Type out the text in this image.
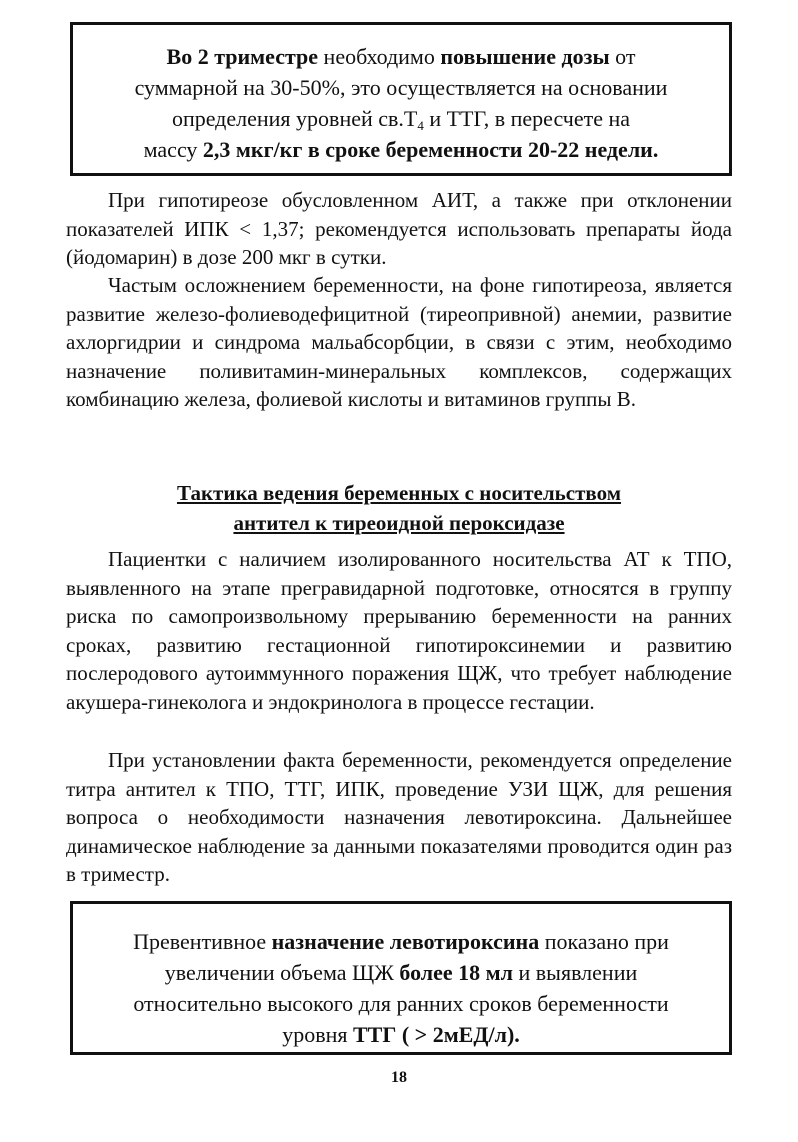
Во 2 триместре необходимо повышение дозы от
суммарной на 30-50%, это осуществляется на основании
определения уровней $св.Т_4$ и ТТГ, в пересчете на
массу 2,3 мкг/кг в сроке беременности 20-22 недели.

При гипотиреозе обусловленном АИТ, а также при отклонении показателей ИПК < 1,37; рекомендуется использовать препараты йода (йодомарин) в дозе 200 мкг в сутки.

Частым осложнением беременности, на фоне гипотиреоза, является развитие железо-фолиеводефицитной (тиреопривной) анемии, развитие ахлоргидрии и синдрома мальабсорбции, в связи с этим, необходимо назначение поливитамин-минеральных комплексов, содержащих комбинацию железа, фолиевой кислоты и витаминов группы В.

Тактика ведения беременных с носительством
антител к тиреоидной пероксидазе

Пациентки с наличием изолированного носительства АТ к ТПО, выявленного на этапе прегравидарной подготовке, относятся в группу риска по самопроизвольному прерыванию беременности на ранних сроках, развитию гестационной гипотироксинемии и развитию послеродового аутоиммунного поражения ЩЖ, что требует наблюдение акушера-гинеколога и эндокринолога в процессе гестации.

При установлении факта беременности, рекомендуется определение титра антител к ТПО, ТТГ, ИПК, проведение УЗИ ЩЖ, для решения вопроса о необходимости назначения левотироксина. Дальнейшее динамическое наблюдение за данными показателями проводится один раз в триместр.

Превентивное назначение левотироксина показано при
увеличении объема ЩЖ более 18 мл и выявлении
относительно высокого для ранних сроков беременности
уровня ТТГ ( > 2мЕД/л).
18
